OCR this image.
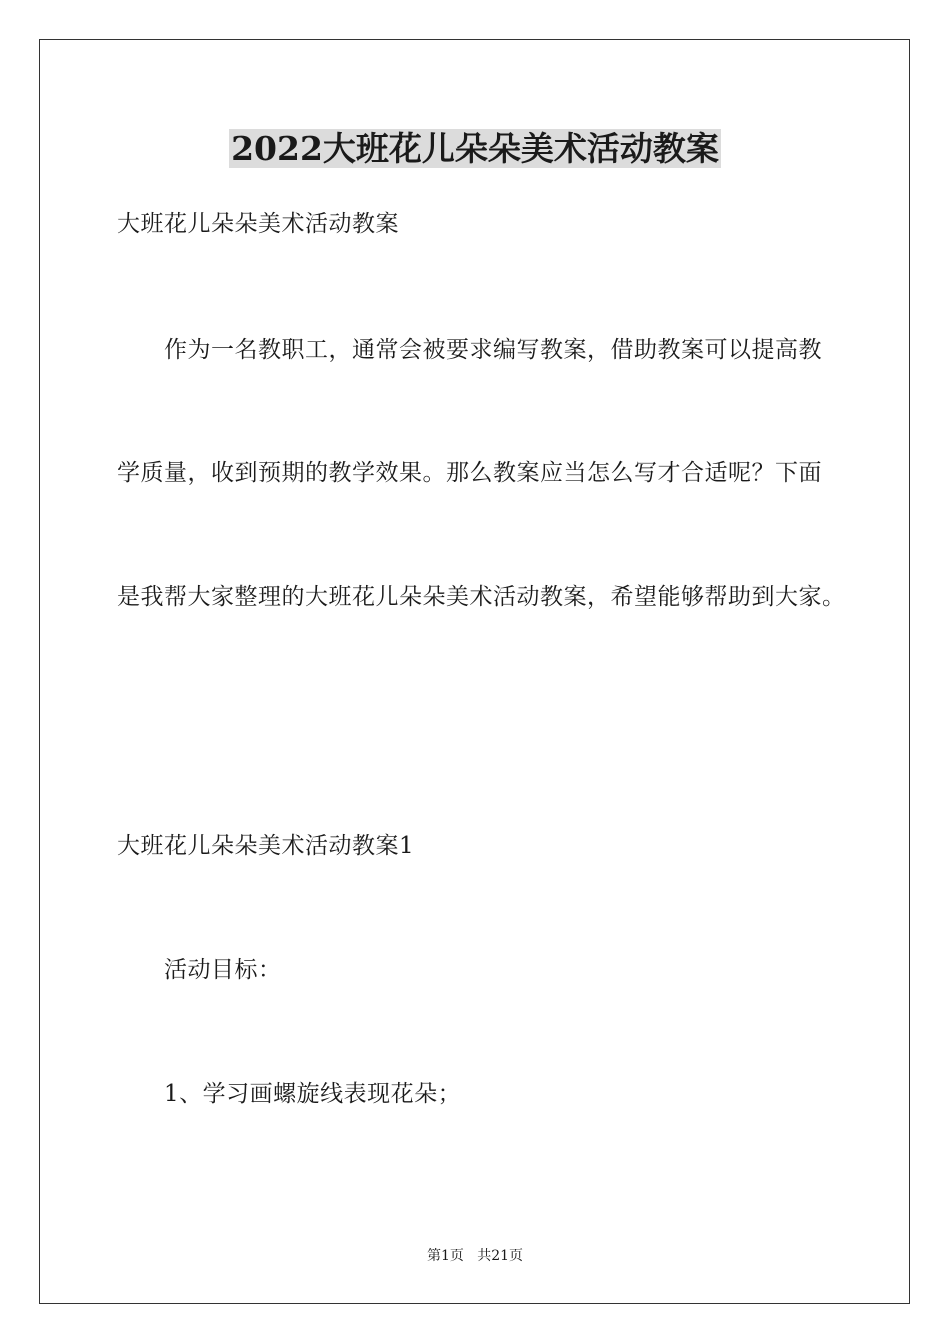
2022大班花儿朵朵美术活动教案

大班花儿朵朵美术活动教案

作为一名教职工，通常会被要求编写教案，借助教案可以提高教

学质量，收到预期的教学效果。那么教案应当怎么写才合适呢？下面

是我帮大家整理的大班花儿朵朵美术活动教案，希望能够帮助到大家。

大班花儿朵朵美术活动教案1

活动目标：

1、学习画螺旋线表现花朵；

第1页   共21页
